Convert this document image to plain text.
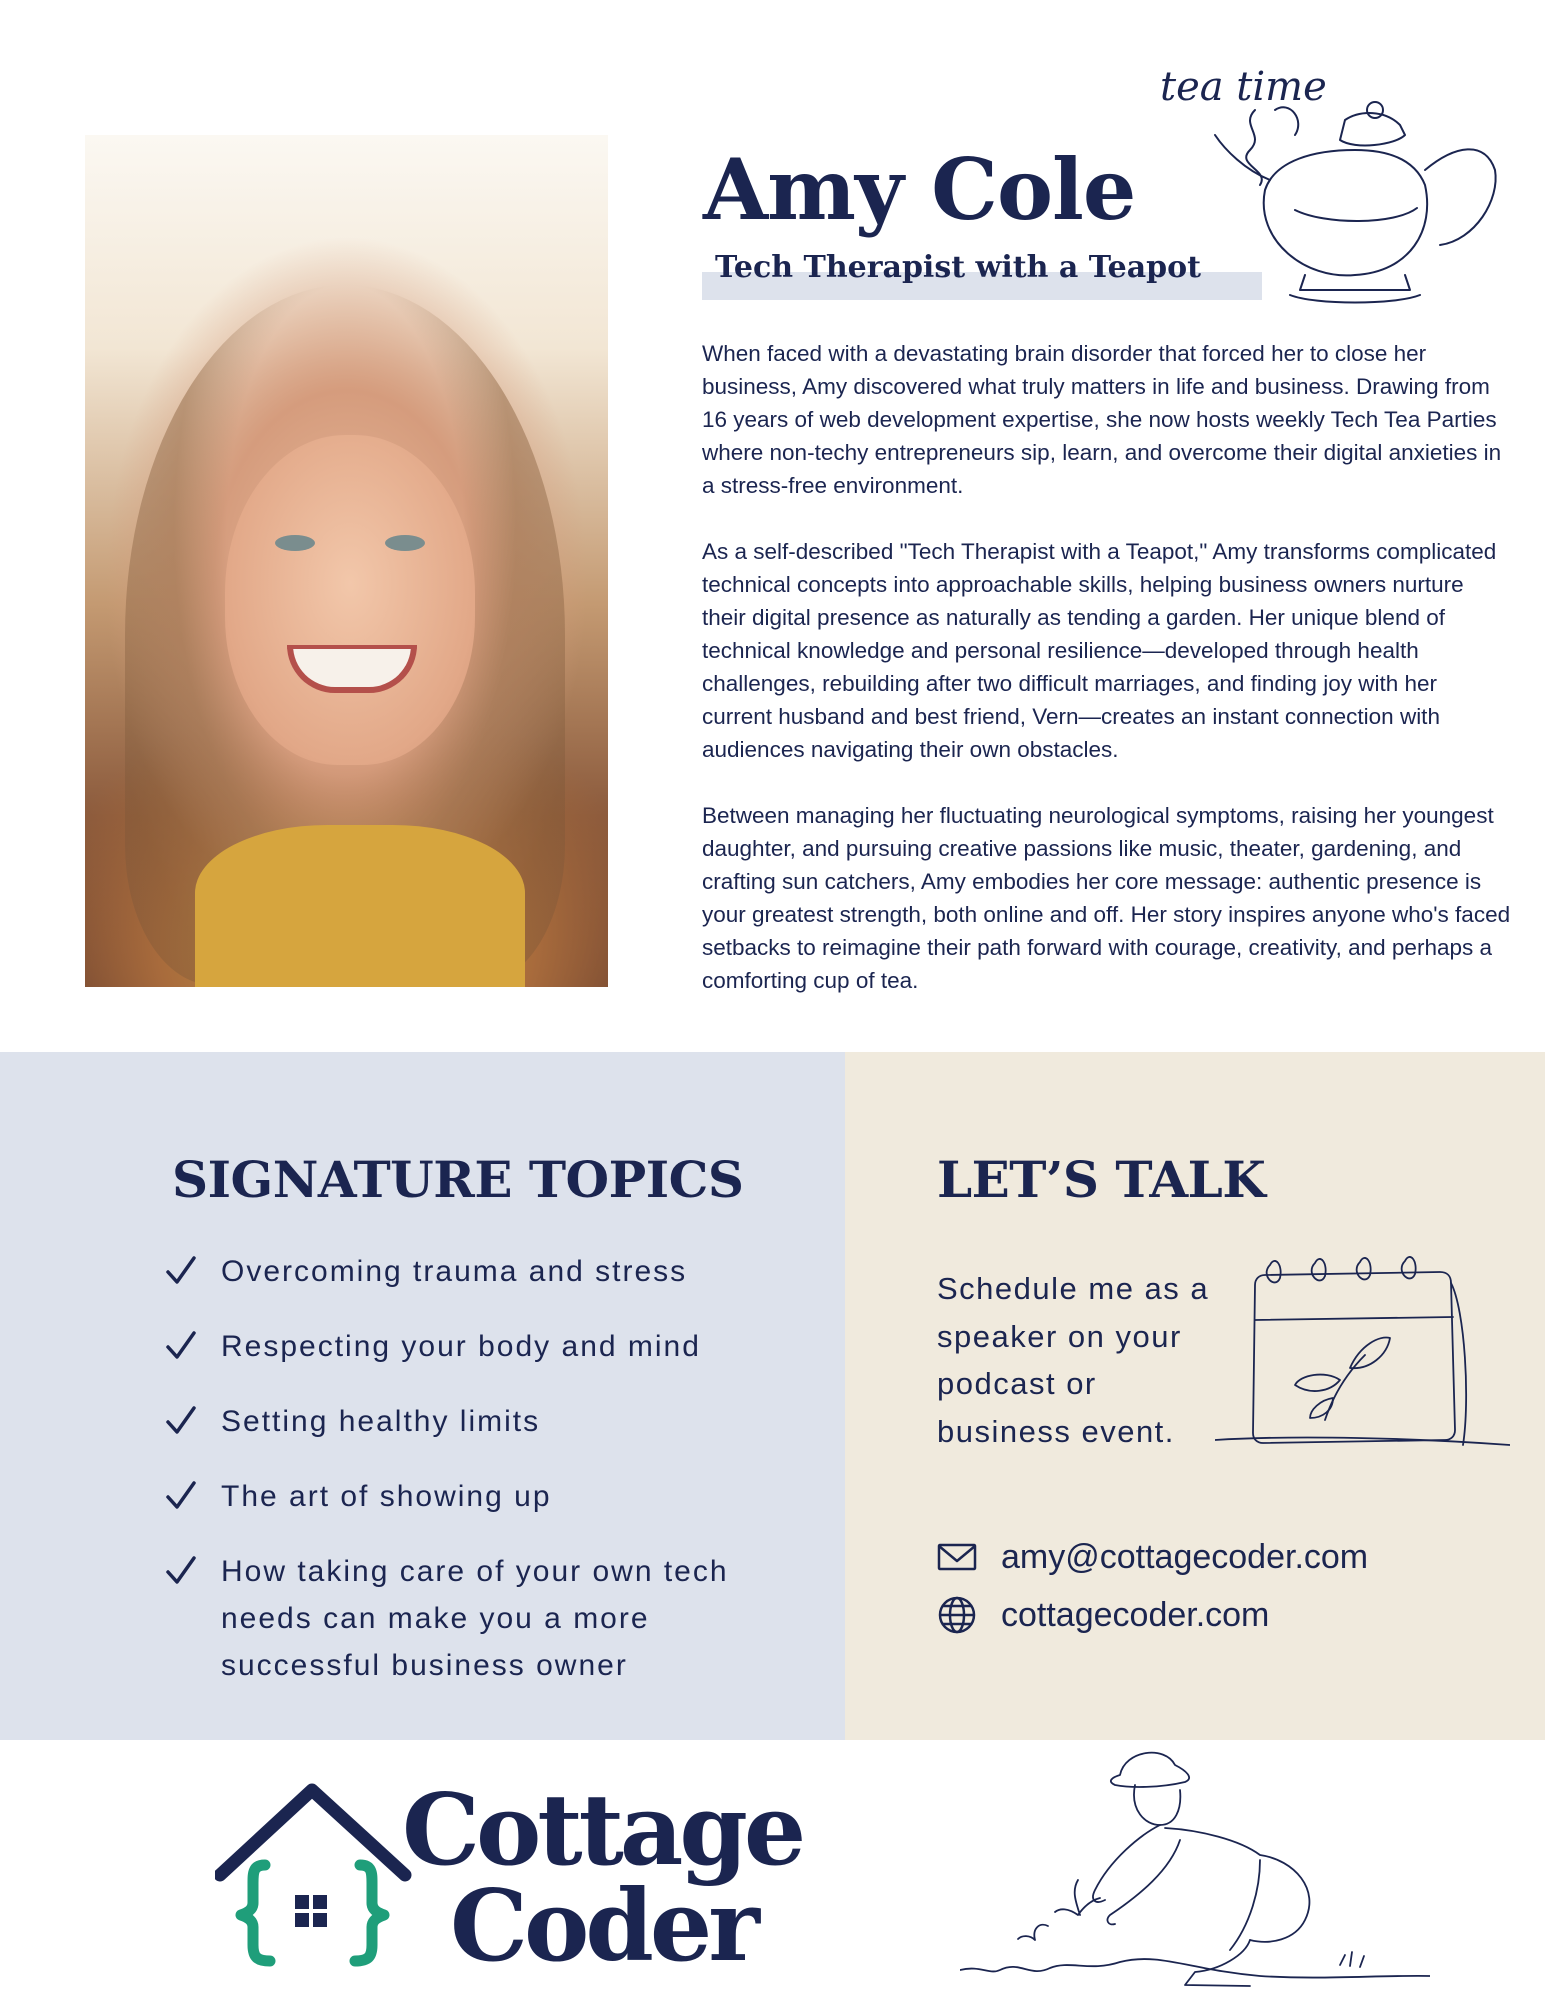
Amy Cole
Tech Therapist with a Teapot
tea time

When faced with a devastating brain disorder that forced her to close her business, Amy discovered what truly matters in life and business. Drawing from 16 years of web development expertise, she now hosts weekly Tech Tea Parties where non-techy entrepreneurs sip, learn, and overcome their digital anxieties in a stress-free environment.

As a self-described "Tech Therapist with a Teapot," Amy transforms complicated technical concepts into approachable skills, helping business owners nurture their digital presence as naturally as tending a garden. Her unique blend of technical knowledge and personal resilience—developed through health challenges, rebuilding after two difficult marriages, and finding joy with her current husband and best friend, Vern—creates an instant connection with audiences navigating their own obstacles.

Between managing her fluctuating neurological symptoms, raising her youngest daughter, and pursuing creative passions like music, theater, gardening, and crafting sun catchers, Amy embodies her core message: authentic presence is your greatest strength, both online and off. Her story inspires anyone who's faced setbacks to reimagine their path forward with courage, creativity, and perhaps a comforting cup of tea.

SIGNATURE TOPICS
Overcoming trauma and stress
Respecting your body and mind
Setting healthy limits
The art of showing up
How taking care of your own tech needs can make you a more successful business owner
LET’S TALK
Schedule me as a speaker on your podcast or business event.
amy@cottagecoder.com
cottagecoder.com
Cottage
Coder
